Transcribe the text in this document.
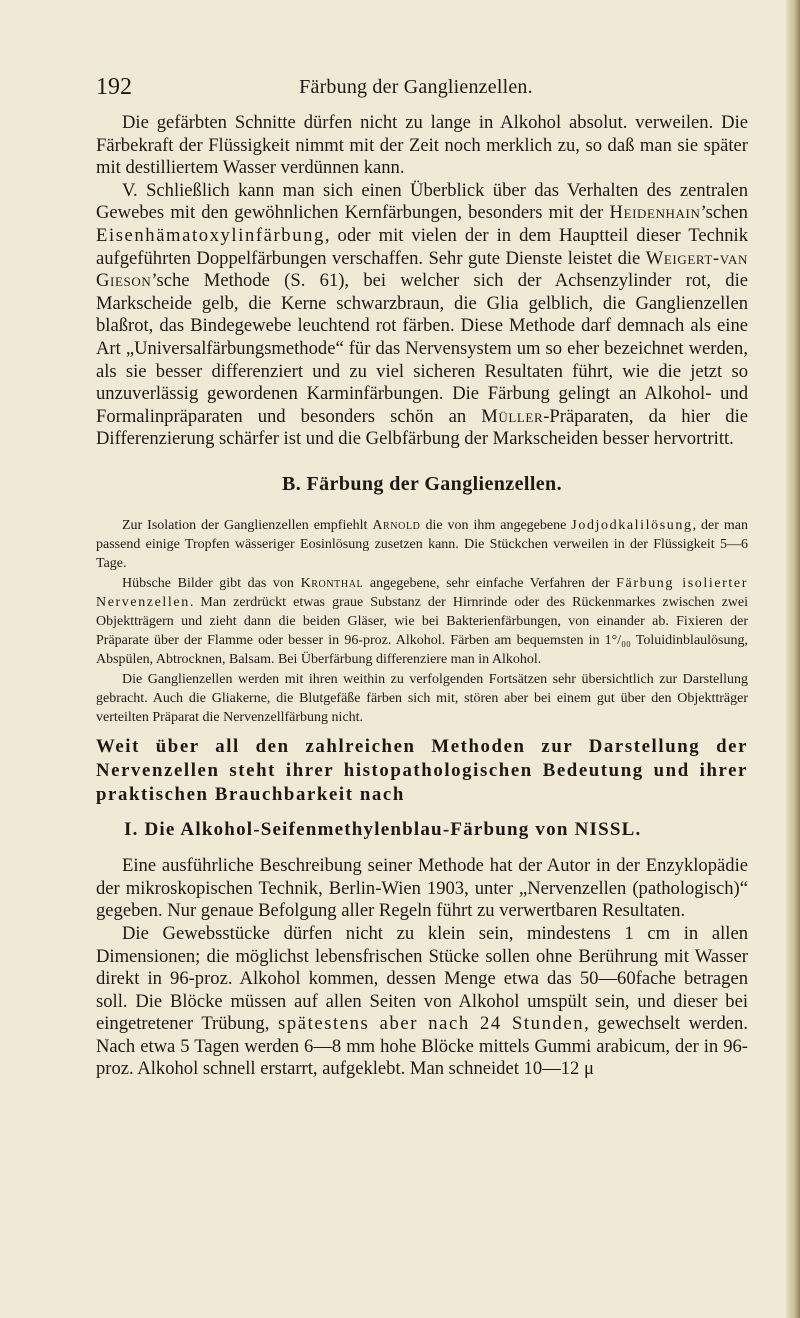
192	Färbung der Ganglienzellen.

Die gefärbten Schnitte dürfen nicht zu lange in Alkohol absolut. verweilen. Die Färbekraft der Flüssigkeit nimmt mit der Zeit noch merklich zu, so daß man sie später mit destilliertem Wasser verdünnen kann.

V. Schließlich kann man sich einen Überblick über das Verhalten des zentralen Gewebes mit den gewöhnlichen Kernfärbungen, besonders mit der Heidenhain’schen Eisenhämatoxylinfärbung, oder mit vielen der in dem Hauptteil dieser Technik aufgeführten Doppelfärbungen verschaffen. Sehr gute Dienste leistet die Weigert-van Gieson’sche Methode (S. 61), bei welcher sich der Achsenzylinder rot, die Markscheide gelb, die Kerne schwarzbraun, die Glia gelblich, die Ganglienzellen blaßrot, das Bindegewebe leuchtend rot färben. Diese Methode darf demnach als eine Art „Universalfärbungsmethode“ für das Nervensystem um so eher bezeichnet werden, als sie besser differenziert und zu viel sicheren Resultaten führt, wie die jetzt so unzuverlässig gewordenen Karminfärbungen. Die Färbung gelingt an Alkohol- und Formalinpräparaten und besonders schön an Müller-Präparaten, da hier die Differenzierung schärfer ist und die Gelbfärbung der Markscheiden besser hervortritt.

B. Färbung der Ganglienzellen.

Zur Isolation der Ganglienzellen empfiehlt Arnold die von ihm angegebene Jodjodkalilösung, der man passend einige Tropfen wässeriger Eosinlösung zusetzen kann. Die Stückchen verweilen in der Flüssigkeit 5—6 Tage.

Hübsche Bilder gibt das von Kronthal angegebene, sehr einfache Verfahren der Färbung isolierter Nervenzellen. Man zerdrückt etwas graue Substanz der Hirnrinde oder des Rückenmarkes zwischen zwei Objektträgern und zieht dann die beiden Gläser, wie bei Bakterienfärbungen, von einander ab. Fixieren der Präparate über der Flamme oder besser in 96-proz. Alkohol. Färben am bequemsten in 1°/₀₀ Toluidinblaulösung, Abspülen, Abtrocknen, Balsam. Bei Überfärbung differenziere man in Alkohol.

Die Ganglienzellen werden mit ihren weithin zu verfolgenden Fortsätzen sehr übersichtlich zur Darstellung gebracht. Auch die Gliakerne, die Blutgefäße färben sich mit, stören aber bei einem gut über den Objektträger verteilten Präparat die Nervenzellfärbung nicht.

Weit über all den zahlreichen Methoden zur Darstellung der Nervenzellen steht ihrer histopathologischen Bedeutung und ihrer praktischen Brauchbarkeit nach

I. Die Alkohol-Seifenmethylenblau-Färbung von NISSL.

Eine ausführliche Beschreibung seiner Methode hat der Autor in der Enzyklopädie der mikroskopischen Technik, Berlin-Wien 1903, unter „Nervenzellen (pathologisch)“ gegeben. Nur genaue Befolgung aller Regeln führt zu verwertbaren Resultaten.

Die Gewebsstücke dürfen nicht zu klein sein, mindestens 1 cm in allen Dimensionen; die möglichst lebensfrischen Stücke sollen ohne Berührung mit Wasser direkt in 96-proz. Alkohol kommen, dessen Menge etwa das 50—60fache betragen soll. Die Blöcke müssen auf allen Seiten von Alkohol umspült sein, und dieser bei eingetretener Trübung, spätestens aber nach 24 Stunden, gewechselt werden. Nach etwa 5 Tagen werden 6—8 mm hohe Blöcke mittels Gummi arabicum, der in 96-proz. Alkohol schnell erstarrt, aufgeklebt. Man schneidet 10—12 μ
